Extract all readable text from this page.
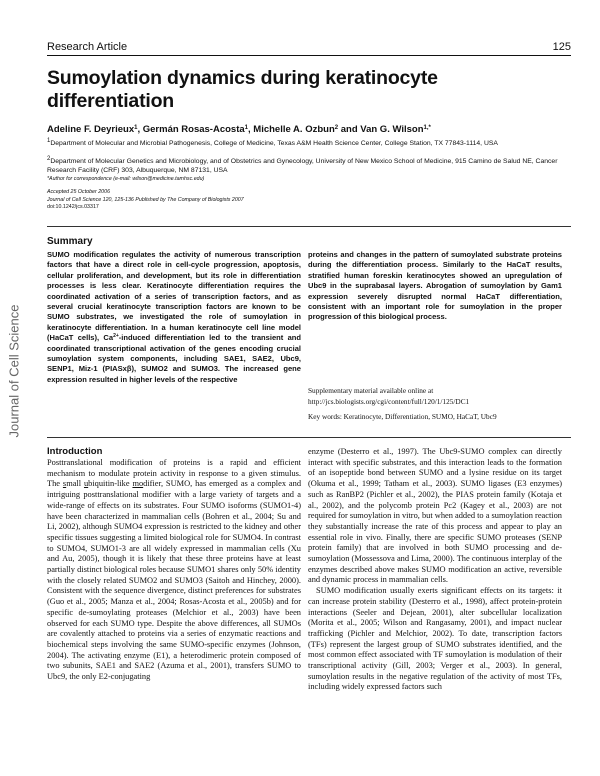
Research Article	125
Sumoylation dynamics during keratinocyte differentiation
Adeline F. Deyrieux$^1$, Germán Rosas-Acosta$^1$, Michelle A. Ozbun$^2$ and Van G. Wilson$^{1,*}$
$^1$Department of Molecular and Microbial Pathogenesis, College of Medicine, Texas A&M Health Science Center, College Station, TX 77843-1114, USA
$^2$Department of Molecular Genetics and Microbiology, and of Obstetrics and Gynecology, University of New Mexico School of Medicine, 915 Camino de Salud NE, Cancer Research Facility (CRF) 303, Albuquerque, NM 87131, USA
*Author for correspondence (e-mail: wilson@medicine.tamhsc.edu)
Accepted 25 October 2006
Journal of Cell Science 120, 125-136 Published by The Company of Biologists 2007
doi:10.1242/jcs.03317
Summary
SUMO modification regulates the activity of numerous transcription factors that have a direct role in cell-cycle progression, apoptosis, cellular proliferation, and development, but its role in differentiation processes is less clear. Keratinocyte differentiation requires the coordinated activation of a series of transcription factors, and as several crucial keratinocyte transcription factors are known to be SUMO substrates, we investigated the role of sumoylation in keratinocyte differentiation. In a human keratinocyte cell line model (HaCaT cells), $Ca^{2+}$-induced differentiation led to the transient and coordinated transcriptional activation of the genes encoding crucial sumoylation system components, including SAE1, SAE2, Ubc9, SENP1, Miz-1 (PIASxβ), SUMO2 and SUMO3. The increased gene expression resulted in higher levels of the respective
proteins and changes in the pattern of sumoylated substrate proteins during the differentiation process. Similarly to the HaCaT results, stratified human foreskin keratinocytes showed an upregulation of Ubc9 in the suprabasal layers. Abrogation of sumoylation by Gam1 expression severely disrupted normal HaCaT differentiation, consistent with an important role for sumoylation in the proper progression of this biological process.
Supplementary material available online at
http://jcs.biologists.org/cgi/content/full/120/1/125/DC1
Key words: Keratinocyte, Differentiation, SUMO, HaCaT, Ubc9
Journal of Cell Science
Introduction

Posttranslational modification of proteins is a rapid and efficient mechanism to modulate protein activity in response to a given stimulus. The small ubiquitin-like modifier, SUMO, has emerged as a complex and intriguing posttranslational modifier with a large variety of targets and a wide-range of effects on its substrates. Four SUMO isoforms (SUMO1-4) have been characterized in mammalian cells (Bohren et al., 2004; Su and Li, 2002), although SUMO4 expression is restricted to the kidney and other specific tissues suggesting a limited biological role for SUMO4. In contrast to SUMO4, SUMO1-3 are all widely expressed in mammalian cells (Xu and Au, 2005), though it is likely that these three proteins have at least partially distinct biological roles because SUMO1 shares only 50% identity with the closely related SUMO2 and SUMO3 (Saitoh and Hinchey, 2000). Consistent with the sequence divergence, distinct preferences for substrates (Guo et al., 2005; Manza et al., 2004; Rosas-Acosta et al., 2005b) and for specific de-sumoylating proteases (Melchior et al., 2003) have been observed for each SUMO type. Despite the above differences, all SUMOs are covalently attached to proteins via a series of enzymatic reactions and biochemical steps involving the same SUMO-specific enzymes (Johnson, 2004). The activating enzyme (E1), a heterodimeric protein composed of two subunits, SAE1 and SAE2 (Azuma et al., 2001), transfers SUMO to Ubc9, the only E2-conjugating

enzyme (Desterro et al., 1997). The Ubc9-SUMO complex can directly interact with specific substrates, and this interaction leads to the formation of an isopeptide bond between SUMO and a lysine residue on its target (Okuma et al., 1999; Tatham et al., 2003). SUMO ligases (E3 enzymes) such as RanBP2 (Pichler et al., 2002), the PIAS protein family (Kotaja et al., 2002), and the polycomb protein Pc2 (Kagey et al., 2003) are not required for sumoylation in vitro, but when added to a sumoylation reaction they substantially increase the rate of this process and appear to play an essential role in vivo. Finally, there are specific SUMO proteases (SENP protein family) that are involved in both SUMO processing and de-sumoylation (Mossessova and Lima, 2000). The continuous interplay of the enzymes described above makes SUMO modification an active, reversible and dynamic process in mammalian cells.

SUMO modification usually exerts significant effects on its targets: it can increase protein stability (Desterro et al., 1998), affect protein-protein interactions (Seeler and Dejean, 2001), alter subcellular localization (Morita et al., 2005; Wilson and Rangasamy, 2001), and impact nuclear trafficking (Pichler and Melchior, 2002). To date, transcription factors (TFs) represent the largest group of SUMO substrates identified, and the most common effect associated with TF sumoylation is modulation of their transcriptional activity (Gill, 2003; Verger et al., 2003). In general, sumoylation results in the negative regulation of the activity of most TFs, including widely expressed factors such
